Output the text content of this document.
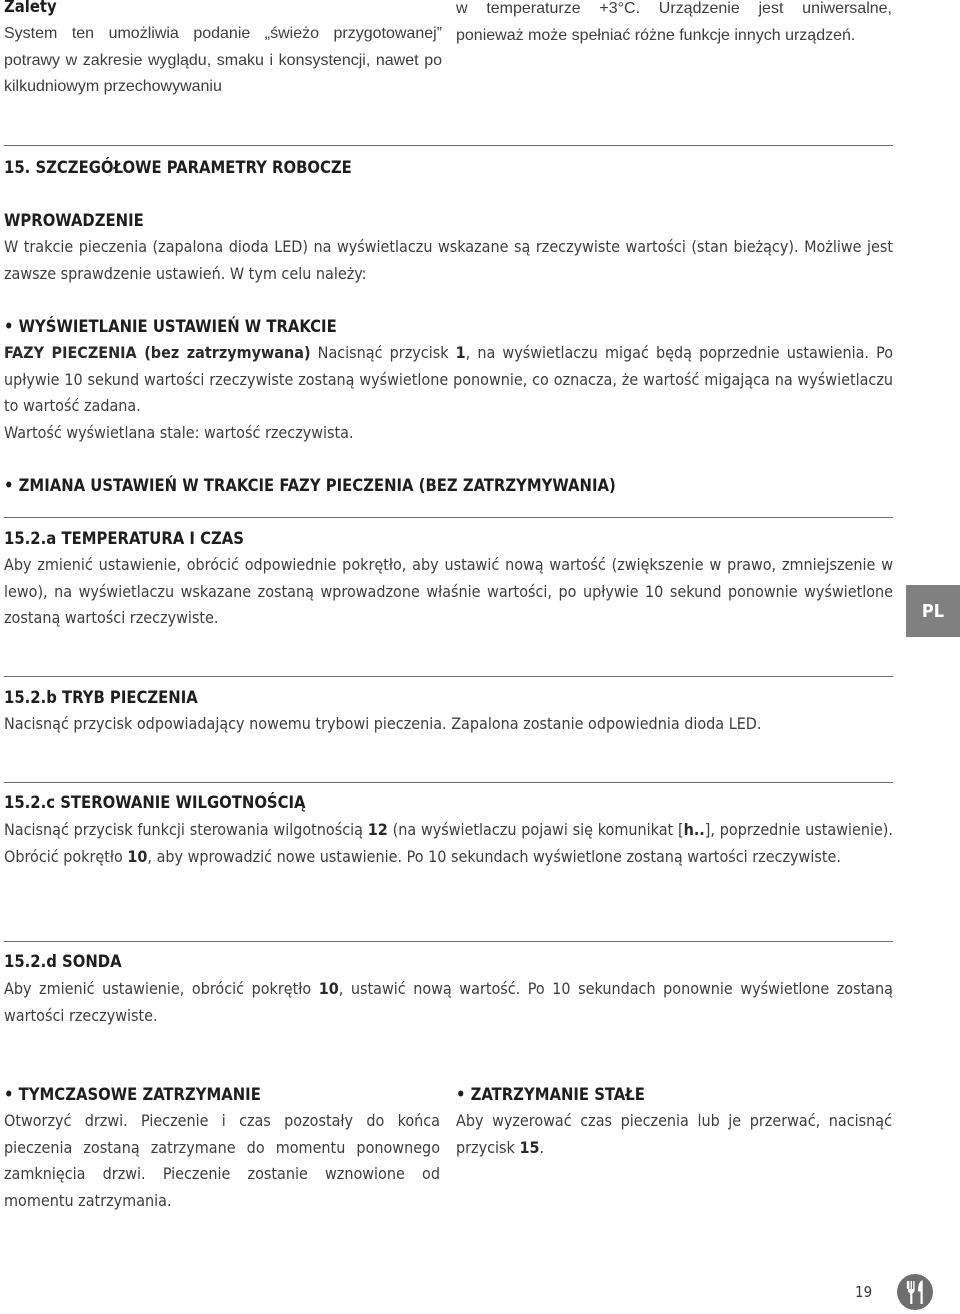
Zalety

System ten umożliwia podanie „świeżo przygotowanej” potrawy w zakresie wyglądu, smaku i konsystencji, nawet po kilkudniowym przechowywaniu

w temperaturze +3°C. Urządzenie jest uniwersalne, ponieważ może spełniać różne funkcje innych urządzeń.

15. SZCZEGÓŁOWE PARAMETRY ROBOCZE

WPROWADZENIE

W trakcie pieczenia (zapalona dioda LED) na wyświetlaczu wskazane są rzeczywiste wartości (stan bieżący). Możliwe jest zawsze sprawdzenie ustawień. W tym celu należy:

• WYŚWIETLANIE USTAWIEŃ W TRAKCIE

FAZY PIECZENIA (bez zatrzymywana) Nacisnąć przycisk 1, na wyświetlaczu migać będą poprzednie ustawienia. Po upływie 10 sekund wartości rzeczywiste zostaną wyświetlone ponownie, co oznacza, że wartość migająca na wyświetlaczu to wartość zadana.

Wartość wyświetlana stale: wartość rzeczywista.

• ZMIANA USTAWIEŃ W TRAKCIE FAZY PIECZENIA (BEZ ZATRZYMYWANIA)

15.2.a TEMPERATURA I CZAS

Aby zmienić ustawienie, obrócić odpowiednie pokrętło, aby ustawić nową wartość (zwiększenie w prawo, zmniejszenie w lewo), na wyświetlaczu wskazane zostaną wprowadzone właśnie wartości, po upływie 10 sekund ponownie wyświetlone zostaną wartości rzeczywiste.	PL

15.2.b TRYB PIECZENIA

Nacisnąć przycisk odpowiadający nowemu trybowi pieczenia. Zapalona zostanie odpowiednia dioda LED.

15.2.c STEROWANIE WILGOTNOŚCIĄ

Nacisnąć przycisk funkcji sterowania wilgotnością 12 (na wyświetlaczu pojawi się komunikat [h..], poprzednie ustawienie). Obrócić pokrętło 10, aby wprowadzić nowe ustawienie. Po 10 sekundach wyświetlone zostaną wartości rzeczywiste.

15.2.d SONDA

Aby zmienić ustawienie, obrócić pokrętło 10, ustawić nową wartość. Po 10 sekundach ponownie wyświetlone zostaną wartości rzeczywiste.

• TYMCZASOWE ZATRZYMANIE

Otworzyć drzwi. Pieczenie i czas pozostały do końca pieczenia zostaną zatrzymane do momentu ponownego zamknięcia drzwi. Pieczenie zostanie wznowione od momentu zatrzymania.

• ZATRZYMANIE STAŁE

Aby wyzerować czas pieczenia lub je przerwać, nacisnąć przycisk 15.

19
